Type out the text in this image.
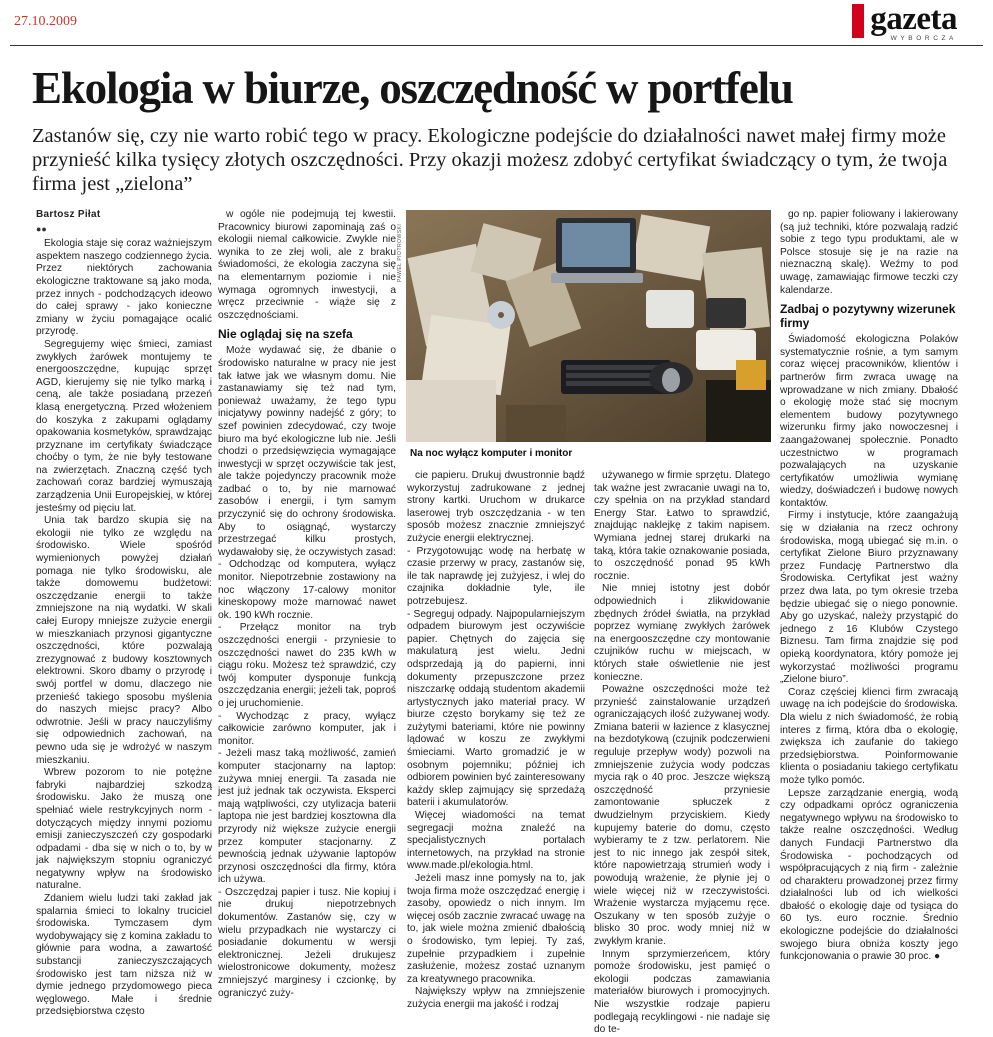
27.10.2009	gazeta
WYBORCZA
Ekologia w biurze, oszczędność w portfelu
Zastanów się, czy nie warto robić tego w pracy. Ekologiczne podejście do działalności nawet małej firmy może przynieść kilka tysięcy złotych oszczędności. Przy okazji możesz zdobyć certyfikat świadczący o tym, że twoja firma jest „zielona”
Bartosz Piłat
●●

Ekologia staje się coraz ważniejszym aspektem naszego codziennego życia. Przez niektórych zachowania ekologiczne traktowane są jako moda, przez innych - podchodzących ideowo do całej sprawy - jako konieczne zmiany w życiu pomagające ocalić przyrodę.

Segregujemy więc śmieci, zamiast zwykłych żarówek montujemy te energooszczędne, kupując sprzęt AGD, kierujemy się nie tylko marką i ceną, ale także posiadaną przezeń klasą energetyczną. Przed włożeniem do koszyka z zakupami oglądamy opakowania kosmetyków, sprawdzając przyznane im certyfikaty świadczące choćby o tym, że nie były testowane na zwierzętach. Znaczną część tych zachowań coraz bardziej wymuszają zarządzenia Unii Europejskiej, w której jesteśmy od pięciu lat.

Unia tak bardzo skupia się na ekologii nie tylko ze względu na środowisko. Wiele spośród wymienionych powyżej działań pomaga nie tylko środowisku, ale także domowemu budżetowi: oszczędzanie energii to także zmniejszone na nią wydatki. W skali całej Europy mniejsze zużycie energii w mieszkaniach przynosi gigantyczne oszczędności, które pozwalają zrezygnować z budowy kosztownych elektrowni. Skoro dbamy o przyrodę i swój portfel w domu, dlaczego nie przenieść takiego sposobu myślenia do naszych miejsc pracy? Albo odwrotnie. Jeśli w pracy nauczyliśmy się odpowiednich zachowań, na pewno uda się je wdrożyć w naszym mieszkaniu.

Wbrew pozorom to nie potężne fabryki najbardziej szkodzą środowisku. Jako że muszą one spełniać wiele restrykcyjnych norm - dotyczących między innymi poziomu emisji zanieczyszczeń czy gospodarki odpadami - dba się w nich o to, by w jak największym stopniu ograniczyć negatywny wpływ na środowisko naturalne.

Zdaniem wielu ludzi taki zakład jak spalarnia śmieci to lokalny truciciel środowiska. Tymczasem dym wydobywający się z komina zakładu to głównie para wodna, a zawartość substancji zanieczyszczających środowisko jest tam niższa niż w dymie jednego przydomowego pieca węglowego. Małe i średnie przedsiębiorstwa często

w ogóle nie podejmują tej kwestii. Pracownicy biurowi zapominają zaś o ekologii niemal całkowicie. Zwykle nie wynika to ze złej woli, ale z braku świadomości, że ekologia zaczyna się na elementarnym poziomie i nie wymaga ogromnych inwestycji, a wręcz przeciwnie - wiąże się z oszczędnościami.

Nie oglądaj się na szefa

Może wydawać się, że dbanie o środowisko naturalne w pracy nie jest tak łatwe jak we własnym domu. Nie zastanawiamy się też nad tym, ponieważ uważamy, że tego typu inicjatywy powinny nadejść z góry; to szef powinien zdecydować, czy twoje biuro ma być ekologiczne lub nie. Jeśli chodzi o przedsięwzięcia wymagające inwestycji w sprzęt oczywiście tak jest, ale także pojedynczy pracownik może zadbać o to, by nie marnować zasobów i energii, i tym samym przyczynić się do ochrony środowiska. Aby to osiągnąć, wystarczy przestrzegać kilku prostych, wydawałoby się, że oczywistych zasad:

- Odchodząc od komputera, wyłącz monitor. Niepotrzebnie zostawiony na noc włączony 17-calowy monitor kineskopowy może marnować nawet ok. 190 kWh rocznie.

- Przełącz monitor na tryb oszczędności energii - przyniesie to oszczędności nawet do 235 kWh w ciągu roku. Możesz też sprawdzić, czy twój komputer dysponuje funkcją oszczędzania energii; jeżeli tak, poproś o jej uruchomienie.

- Wychodząc z pracy, wyłącz całkowicie zarówno komputer, jak i monitor.

- Jeżeli masz taką możliwość, zamień komputer stacjonarny na laptop: zużywa mniej energii. Ta zasada nie jest już jednak tak oczywista. Eksperci mają wątpliwości, czy utylizacja baterii laptopa nie jest bardziej kosztowna dla przyrody niż większe zużycie energii przez komputer stacjonarny. Z pewnością jednak używanie laptopów przynosi oszczędności dla firmy, która ich używa.

- Oszczędzaj papier i tusz. Nie kopiuj i nie drukuj niepotrzebnych dokumentów. Zastanów się, czy w wielu przypadkach nie wystarczy ci posiadanie dokumentu w wersji elektronicznej. Jeżeli drukujesz wielostronicowe dokumenty, możesz zmniejszyć marginesy i czcionkę, by ograniczyć zuży-

PAWEŁ PIOTROWSKI
Na noc wyłącz komputer i monitor

cie papieru. Drukuj dwustronnie bądź wykorzystuj zadrukowane z jednej strony kartki. Uruchom w drukarce laserowej tryb oszczędzania - w ten sposób możesz znacznie zmniejszyć zużycie energii elektrycznej.

- Przygotowując wodę na herbatę w czasie przerwy w pracy, zastanów się, ile tak naprawdę jej zużyjesz, i wlej do czajnika dokładnie tyle, ile potrzebujesz.

- Segreguj odpady. Najpopularniejszym odpadem biurowym jest oczywiście papier. Chętnych do zajęcia się makulaturą jest wielu. Jedni odsprzedają ją do papierni, inni dokumenty przepuszczone przez niszczarkę oddają studentom akademii artystycznych jako materiał pracy. W biurze często borykamy się też ze zużytymi bateriami, które nie powinny lądować w koszu ze zwykłymi śmieciami. Warto gromadzić je w osobnym pojemniku; później ich odbiorem powinien być zainteresowany każdy sklep zajmujący się sprzedażą baterii i akumulatorów.

Więcej wiadomości na temat segregacji można znaleźć na specjalistycznych portalach internetowych, na przykład na stronie www.made.pl/ekologia.html.

Jeżeli masz inne pomysły na to, jak twoja firma może oszczędzać energię i zasoby, opowiedz o nich innym. Im więcej osób zacznie zwracać uwagę na to, jak wiele można zmienić dbałością o środowisko, tym lepiej. Ty zaś, zupełnie przypadkiem i zupełnie zasłużenie, możesz zostać uznanym za kreatywnego pracownika.

Największy wpływ na zmniejszenie zużycia energii ma jakość i rodzaj

używanego w firmie sprzętu. Dlatego tak ważne jest zwracanie uwagi na to, czy spełnia on na przykład standard Energy Star. Łatwo to sprawdzić, znajdując naklejkę z takim napisem. Wymiana jednej starej drukarki na taką, która takie oznakowanie posiada, to oszczędność ponad 95 kWh rocznie.

Nie mniej istotny jest dobór odpowiednich i zlikwidowanie zbędnych źródeł światła, na przykład poprzez wymianę zwykłych żarówek na energooszczędne czy montowanie czujników ruchu w miejscach, w których stałe oświetlenie nie jest konieczne.

Poważne oszczędności może też przynieść zainstalowanie urządzeń ograniczających ilość zużywanej wody. Zmiana baterii w łazience z klasycznej na bezdotykową (czujnik podczerwieni reguluje przepływ wody) pozwoli na zmniejszenie zużycia wody podczas mycia rąk o 40 proc. Jeszcze większą oszczędność przyniesie zamontowanie spłuczek z dwudzielnym przyciskiem. Kiedy kupujemy baterie do domu, często wybieramy te z tzw. perlatorem. Nie jest to nic innego jak zespół sitek, które napowietrzają strumień wody i powodują wrażenie, że płynie jej o wiele więcej niż w rzeczywistości. Wrażenie wystarcza myjącemu ręce. Oszukany w ten sposób zużyje o blisko 30 proc. wody mniej niż w zwykłym kranie.

Innym sprzymierzeńcem, który pomoże środowisku, jest pamięć o ekologii podczas zamawiania materiałów biurowych i promocyjnych. Nie wszystkie rodzaje papieru podlegają recyklingowi - nie nadaje się do te-

go np. papier foliowany i lakierowany (są już techniki, które pozwalają radzić sobie z tego typu produktami, ale w Polsce stosuje się je na razie na nieznaczną skalę). Weźmy to pod uwagę, zamawiając firmowe teczki czy kalendarze.

Zadbaj o pozytywny wizerunek firmy

Świadomość ekologiczna Polaków systematycznie rośnie, a tym samym coraz więcej pracowników, klientów i partnerów firm zwraca uwagę na wprowadzane w nich zmiany. Dbałość o ekologię może stać się mocnym elementem budowy pozytywnego wizerunku firmy jako nowoczesnej i zaangażowanej społecznie. Ponadto uczestnictwo w programach pozwalających na uzyskanie certyfikatów umożliwia wymianę wiedzy, doświadczeń i budowę nowych kontaktów.

Firmy i instytucje, które zaangażują się w działania na rzecz ochrony środowiska, mogą ubiegać się m.in. o certyfikat Zielone Biuro przyznawany przez Fundację Partnerstwo dla Środowiska. Certyfikat jest ważny przez dwa lata, po tym okresie trzeba będzie ubiegać się o niego ponownie. Aby go uzyskać, należy przystąpić do jednego z 16 Klubów Czystego Biznesu. Tam firma znajdzie się pod opieką koordynatora, który pomoże jej wykorzystać możliwości programu „Zielone biuro”.

Coraz częściej klienci firm zwracają uwagę na ich podejście do środowiska. Dla wielu z nich świadomość, że robią interes z firmą, która dba o ekologię, zwiększa ich zaufanie do takiego przedsiębiorstwa. Poinformowanie klienta o posiadaniu takiego certyfikatu może tylko pomóc.

Lepsze zarządzanie energią, wodą czy odpadkami oprócz ograniczenia negatywnego wpływu na środowisko to także realne oszczędności. Według danych Fundacji Partnerstwo dla Środowiska - pochodzących od współpracujących z nią firm - zależnie od charakteru prowadzonej przez firmy działalności lub od ich wielkości dbałość o ekologię daje od tysiąca do 60 tys. euro rocznie. Średnio ekologiczne podejście do działalności swojego biura obniża koszty jego funkcjonowania o prawie 30 proc. ●
